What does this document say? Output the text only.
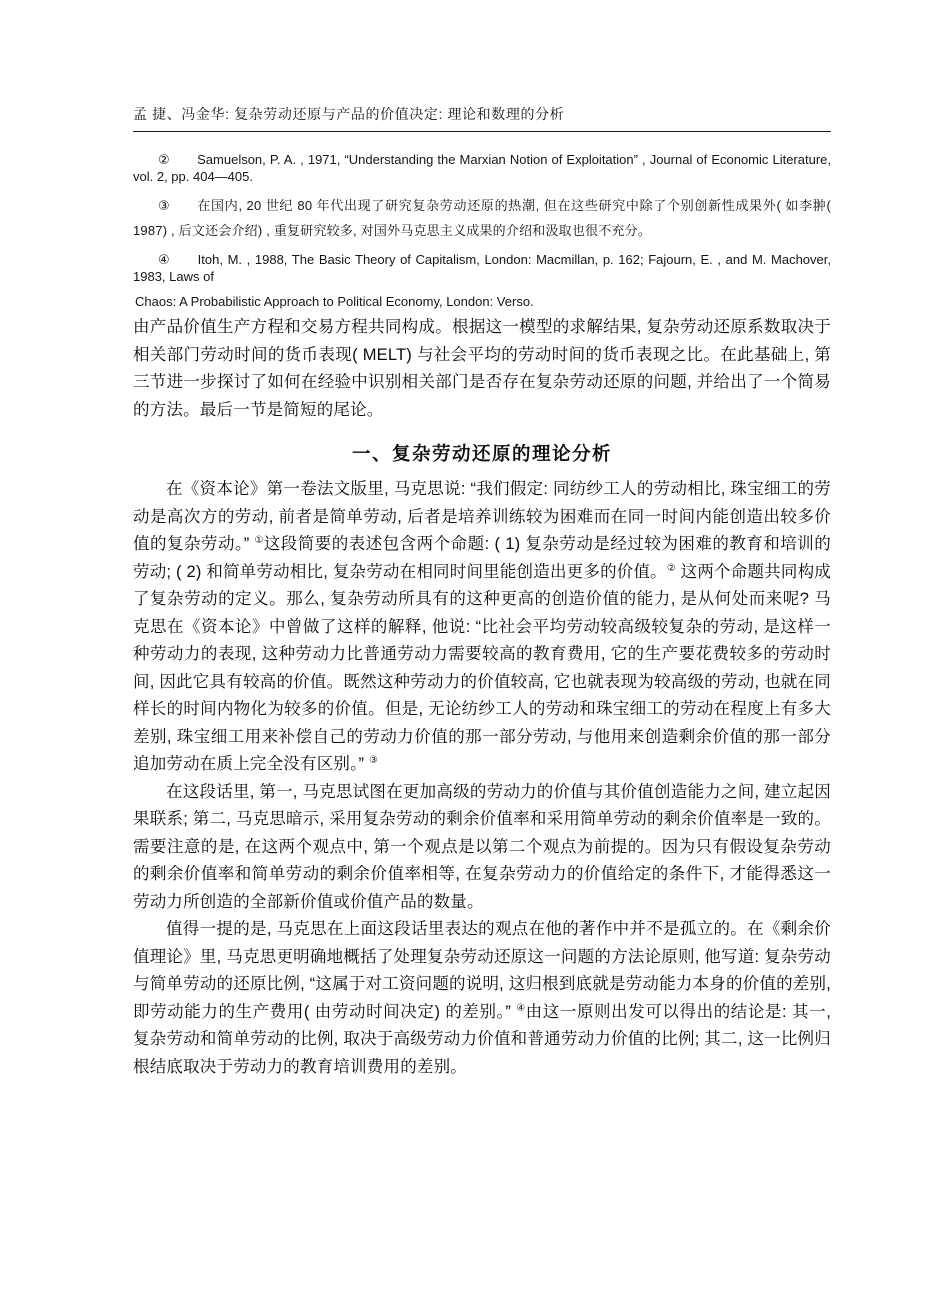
孟 捷、冯金华: 复杂劳动还原与产品的价值决定: 理论和数理的分析

② Samuelson, P. A. , 1971, “Understanding the Marxian Notion of Exploitation” , Journal of Economic Literature, vol. 2, pp. 404—405.

③ 在国内, 20 世纪 80 年代出现了研究复杂劳动还原的热潮, 但在这些研究中除了个别创新性成果外( 如李翀( 1987) , 后文还会介绍) , 重复研究较多, 对国外马克思主义成果的介绍和汲取也很不充分。

④ Itoh, M. , 1988, The Basic Theory of Capitalism, London: Macmillan, p. 162; Fajourn, E. , and M. Machover, 1983, Laws of

Chaos: A Probabilistic Approach to Political Economy, London: Verso.

由产品价值生产方程和交易方程共同构成。根据这一模型的求解结果, 复杂劳动还原系数取决于相关部门劳动时间的货币表现( MELT) 与社会平均的劳动时间的货币表现之比。在此基础上, 第三节进一步探讨了如何在经验中识别相关部门是否存在复杂劳动还原的问题, 并给出了一个简易的方法。最后一节是简短的尾论。

一、复杂劳动还原的理论分析

在《资本论》第一卷法文版里, 马克思说: “我们假定: 同纺纱工人的劳动相比, 珠宝细工的劳动是高次方的劳动, 前者是简单劳动, 后者是培养训练较为困难而在同一时间内能创造出较多价值的复杂劳动。” ①这段简要的表述包含两个命题: ( 1) 复杂劳动是经过较为困难的教育和培训的劳动; ( 2) 和简单劳动相比, 复杂劳动在相同时间里能创造出更多的价值。② 这两个命题共同构成了复杂劳动的定义。那么, 复杂劳动所具有的这种更高的创造价值的能力, 是从何处而来呢? 马克思在《资本论》中曾做了这样的解释, 他说: “比社会平均劳动较高级较复杂的劳动, 是这样一种劳动力的表现, 这种劳动力比普通劳动力需要较高的教育费用, 它的生产要花费较多的劳动时间, 因此它具有较高的价值。既然这种劳动力的价值较高, 它也就表现为较高级的劳动, 也就在同样长的时间内物化为较多的价值。但是, 无论纺纱工人的劳动和珠宝细工的劳动在程度上有多大差别, 珠宝细工用来补偿自己的劳动力价值的那一部分劳动, 与他用来创造剩余价值的那一部分追加劳动在质上完全没有区别。” ③

在这段话里, 第一, 马克思试图在更加高级的劳动力的价值与其价值创造能力之间, 建立起因果联系; 第二, 马克思暗示, 采用复杂劳动的剩余价值率和采用简单劳动的剩余价值率是一致的。需要注意的是, 在这两个观点中, 第一个观点是以第二个观点为前提的。因为只有假设复杂劳动的剩余价值率和简单劳动的剩余价值率相等, 在复杂劳动力的价值给定的条件下, 才能得悉这一劳动力所创造的全部新价值或价值产品的数量。

值得一提的是, 马克思在上面这段话里表达的观点在他的著作中并不是孤立的。在《剩余价值理论》里, 马克思更明确地概括了处理复杂劳动还原这一问题的方法论原则, 他写道: 复杂劳动与简单劳动的还原比例, “这属于对工资问题的说明, 这归根到底就是劳动能力本身的价值的差别, 即劳动能力的生产费用( 由劳动时间决定) 的差别。” ④由这一原则出发可以得出的结论是: 其一, 复杂劳动和简单劳动的比例, 取决于高级劳动力价值和普通劳动力价值的比例; 其二, 这一比例归根结底取决于劳动力的教育培训费用的差别。
